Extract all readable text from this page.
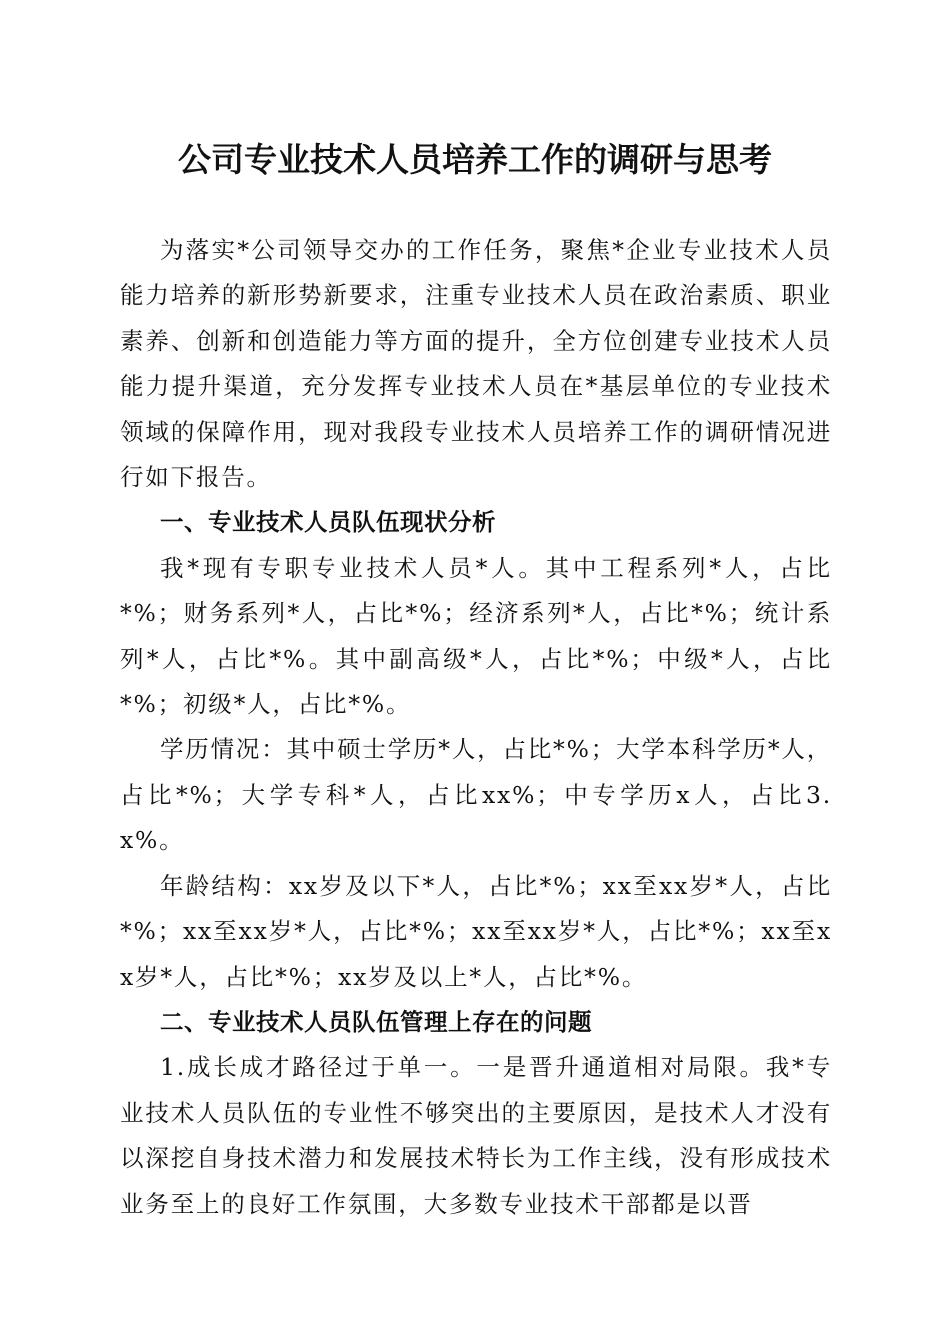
公司专业技术人员培养工作的调研与思考

为落实*公司领导交办的工作任务，聚焦*企业专业技术人员能力培养的新形势新要求，注重专业技术人员在政治素质、职业素养、创新和创造能力等方面的提升，全方位创建专业技术人员能力提升渠道，充分发挥专业技术人员在*基层单位的专业技术领域的保障作用，现对我段专业技术人员培养工作的调研情况进行如下报告。

一、专业技术人员队伍现状分析

我*现有专职专业技术人员*人。其中工程系列*人，占比*%；财务系列*人，占比*%；经济系列*人，占比*%；统计系列*人，占比*%。其中副高级*人，占比*%；中级*人，占比*%；初级*人，占比*%。

学历情况：其中硕士学历*人，占比*%；大学本科学历*人，占比*%；大学专科*人，占比xx%；中专学历x人，占比3.x%。

年龄结构：xx岁及以下*人，占比*%；xx至xx岁*人，占比*%；xx至xx岁*人，占比*%；xx至xx岁*人，占比*%；xx至xx岁*人，占比*%；xx岁及以上*人，占比*%。

二、专业技术人员队伍管理上存在的问题

1.成长成才路径过于单一。一是晋升通道相对局限。我*专业技术人员队伍的专业性不够突出的主要原因，是技术人才没有以深挖自身技术潜力和发展技术特长为工作主线，没有形成技术业务至上的良好工作氛围，大多数专业技术干部都是以晋
